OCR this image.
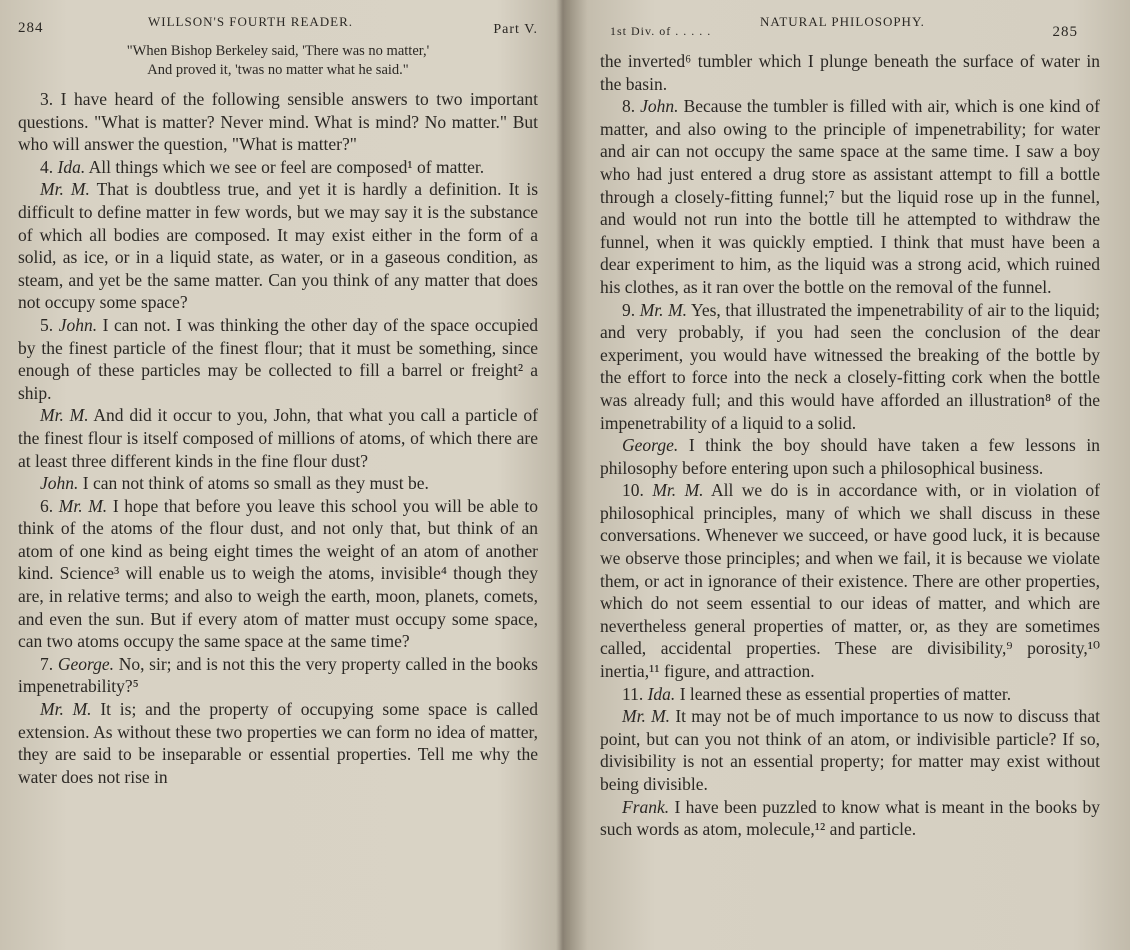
284	WILLSON'S FOURTH READER.
Part V.
"When Bishop Berkeley said, 'There was no matter,'
And proved it, 'twas no matter what he said."

3. I have heard of the following sensible answers to two important questions. "What is matter? Never mind. What is mind? No matter." But who will answer the question, "What is matter?"

4. Ida. All things which we see or feel are composed¹ of matter.

Mr. M. That is doubtless true, and yet it is hardly a definition. It is difficult to define matter in few words, but we may say it is the substance of which all bodies are composed. It may exist either in the form of a solid, as ice, or in a liquid state, as water, or in a gaseous condition, as steam, and yet be the same matter. Can you think of any matter that does not occupy some space?

5. John. I can not. I was thinking the other day of the space occupied by the finest particle of the finest flour; that it must be something, since enough of these particles may be collected to fill a barrel or freight² a ship.

Mr. M. And did it occur to you, John, that what you call a particle of the finest flour is itself composed of millions of atoms, of which there are at least three different kinds in the fine flour dust?

John. I can not think of atoms so small as they must be.

6. Mr. M. I hope that before you leave this school you will be able to think of the atoms of the flour dust, and not only that, but think of an atom of one kind as being eight times the weight of an atom of another kind. Science³ will enable us to weigh the atoms, invisible⁴ though they are, in relative terms; and also to weigh the earth, moon, planets, comets, and even the sun. But if every atom of matter must occupy some space, can two atoms occupy the same space at the same time?

7. George. No, sir; and is not this the very property called in the books impenetrability?⁵

Mr. M. It is; and the property of occupying some space is called extension. As without these two properties we can form no idea of matter, they are said to be inseparable or essential properties. Tell me why the water does not rise in

1st Div. of . . . . .
NATURAL PHILOSOPHY.
285

the inverted⁶ tumbler which I plunge beneath the surface of water in the basin.

8. John. Because the tumbler is filled with air, which is one kind of matter, and also owing to the principle of impenetrability; for water and air can not occupy the same space at the same time. I saw a boy who had just entered a drug store as assistant attempt to fill a bottle through a closely-fitting funnel;⁷ but the liquid rose up in the funnel, and would not run into the bottle till he attempted to withdraw the funnel, when it was quickly emptied. I think that must have been a dear experiment to him, as the liquid was a strong acid, which ruined his clothes, as it ran over the bottle on the removal of the funnel.

9. Mr. M. Yes, that illustrated the impenetrability of air to the liquid; and very probably, if you had seen the conclusion of the dear experiment, you would have witnessed the breaking of the bottle by the effort to force into the neck a closely-fitting cork when the bottle was already full; and this would have afforded an illustration⁸ of the impenetrability of a liquid to a solid.

George. I think the boy should have taken a few lessons in philosophy before entering upon such a philosophical business.

10. Mr. M. All we do is in accordance with, or in violation of philosophical principles, many of which we shall discuss in these conversations. Whenever we succeed, or have good luck, it is because we observe those principles; and when we fail, it is because we violate them, or act in ignorance of their existence. There are other properties, which do not seem essential to our ideas of matter, and which are nevertheless general properties of matter, or, as they are sometimes called, accidental properties. These are divisibility,⁹ porosity,¹⁰ inertia,¹¹ figure, and attraction.

11. Ida. I learned these as essential properties of matter.

Mr. M. It may not be of much importance to us now to discuss that point, but can you not think of an atom, or indivisible particle? If so, divisibility is not an essential property; for matter may exist without being divisible.

Frank. I have been puzzled to know what is meant in the books by such words as atom, molecule,¹² and particle.
